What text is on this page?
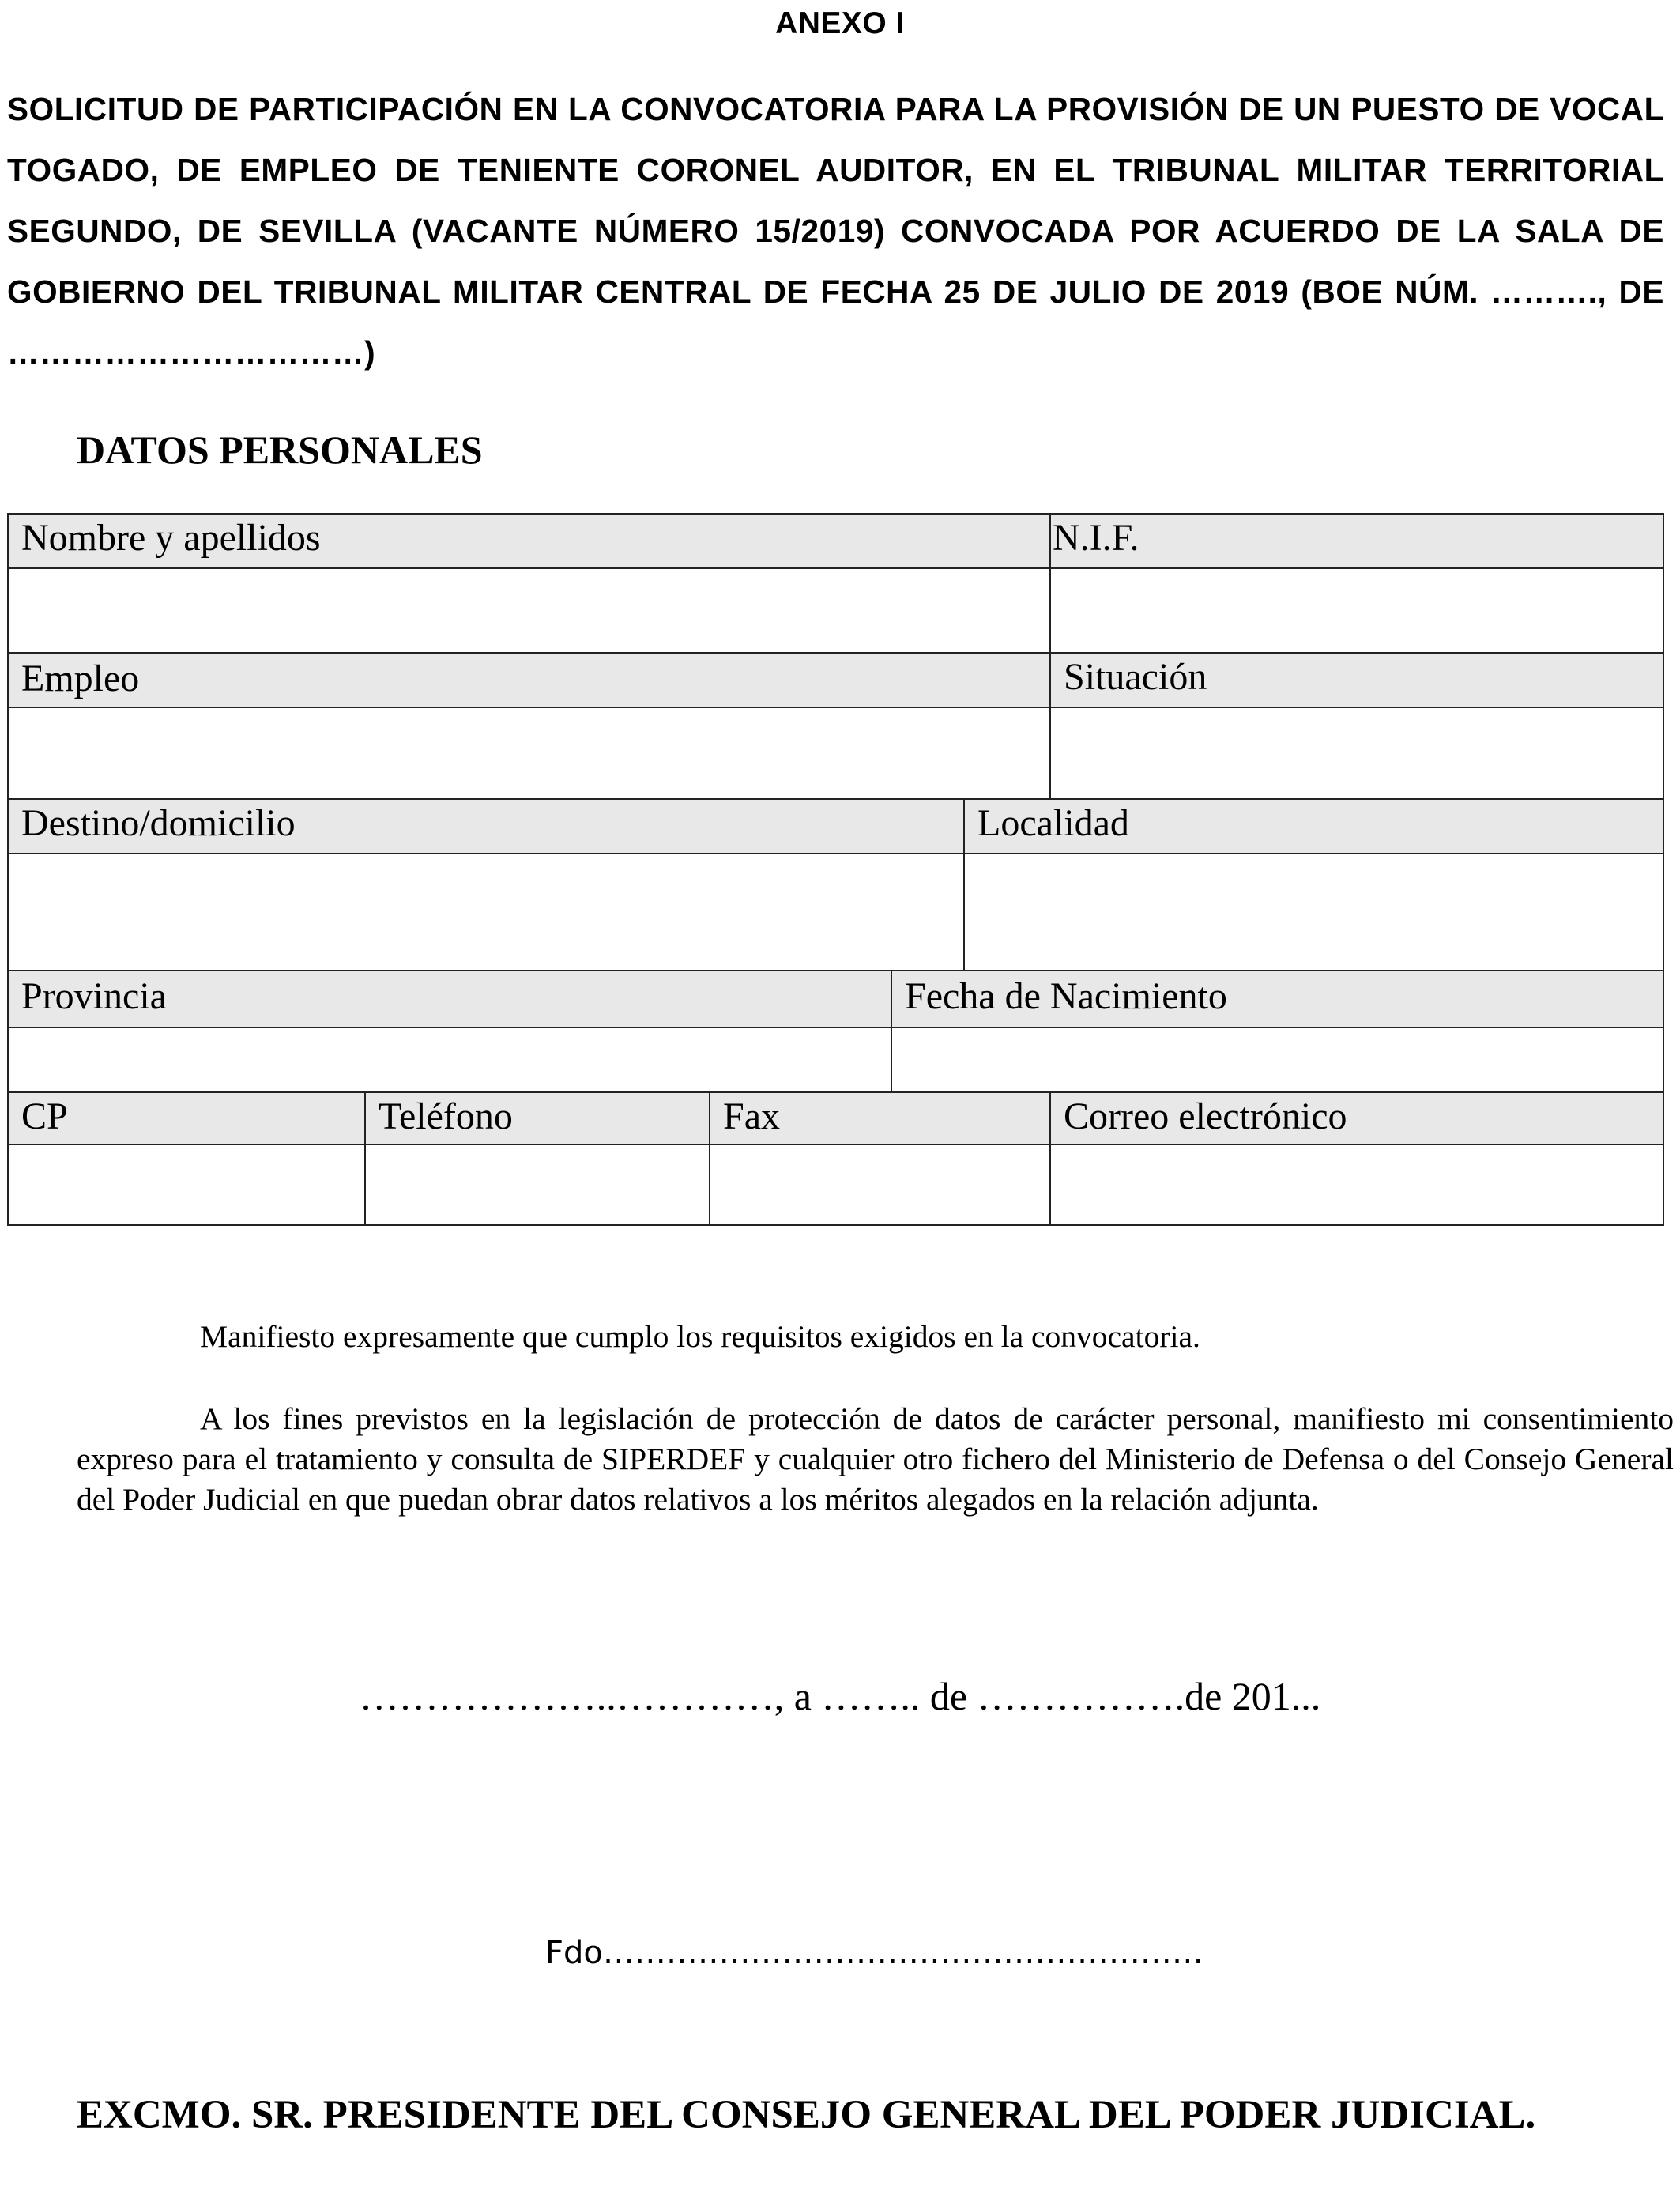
ANEXO I
SOLICITUD DE PARTICIPACIÓN EN LA CONVOCATORIA PARA LA PROVISIÓN DE UN PUESTO DE VOCAL TOGADO, DE EMPLEO DE TENIENTE CORONEL AUDITOR, EN EL TRIBUNAL MILITAR TERRITORIAL SEGUNDO, DE SEVILLA (VACANTE NÚMERO 15/2019) CONVOCADA POR ACUERDO DE LA SALA DE GOBIERNO DEL TRIBUNAL MILITAR CENTRAL DE FECHA 25 DE JULIO DE 2019 (BOE NÚM. ………., DE ……………………………)
DATOS PERSONALES
Nombre y apellidos	N.I.F.
Empleo	Situación
Destino/domicilio	Localidad
Provincia	Fecha de Nacimiento
CP	Teléfono	Fax	Correo electrónico
Manifiesto expresamente que cumplo los requisitos exigidos en la convocatoria.
A los fines previstos en la legislación de protección de datos de carácter personal, manifiesto mi consentimiento expreso para el tratamiento y consulta de SIPERDEF y cualquier otro fichero del Ministerio de Defensa o del Consejo General del Poder Judicial en que puedan obrar datos relativos a los méritos alegados en la relación adjunta.
………………..…………, a …….. de …………….de 201...
Fdo…………………………………………………
EXCMO. SR. PRESIDENTE DEL CONSEJO GENERAL DEL PODER JUDICIAL.
